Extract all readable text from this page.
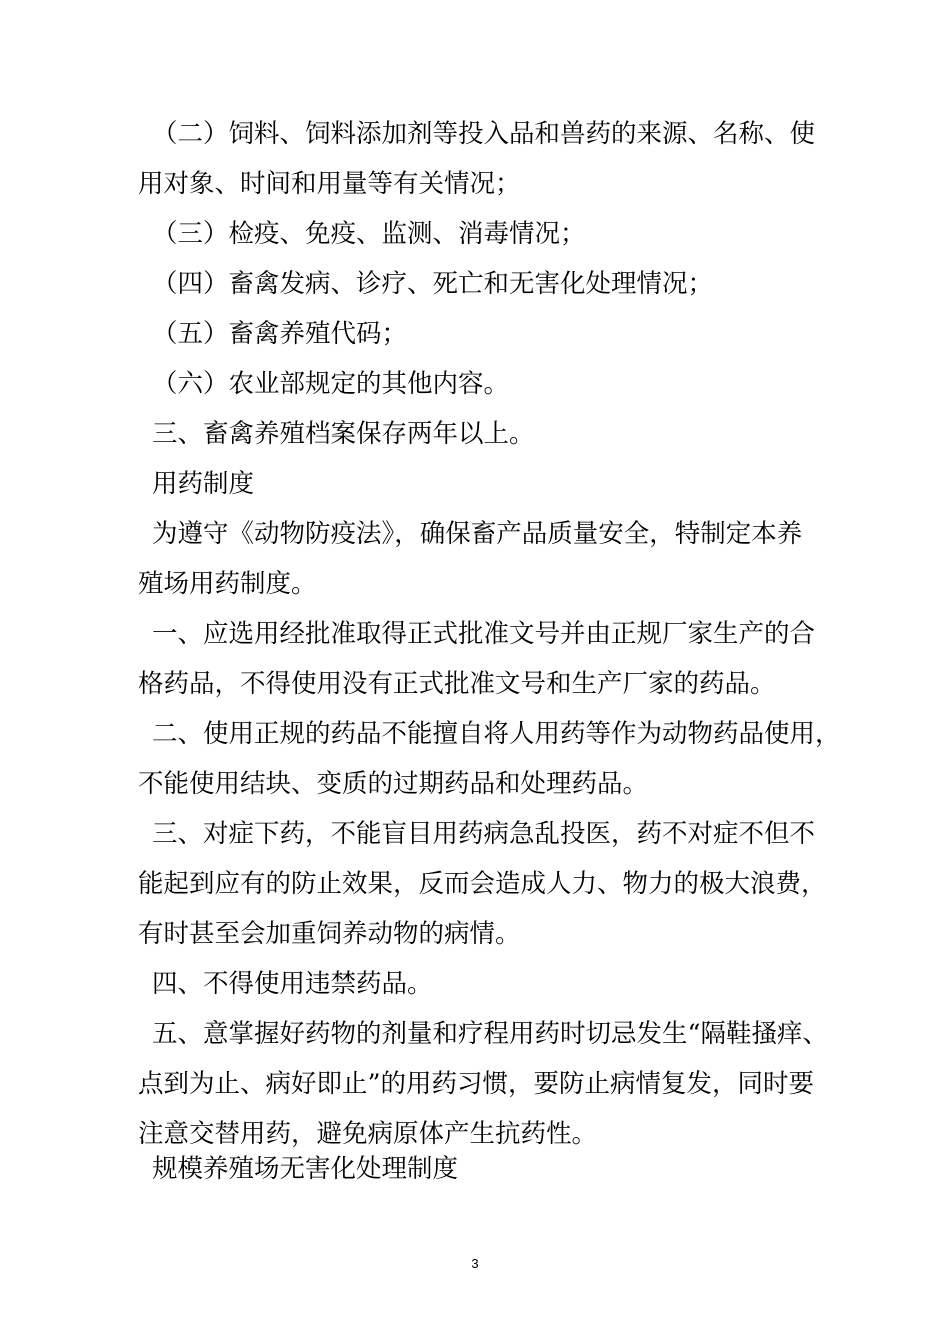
（二）饲料、饲料添加剂等投入品和兽药的来源、名称、使
用对象、时间和用量等有关情况；
（三）检疫、免疫、监测、消毒情况；
（四）畜禽发病、诊疗、死亡和无害化处理情况；
（五）畜禽养殖代码；
（六）农业部规定的其他内容。
三、畜禽养殖档案保存两年以上。
用药制度
为遵守《动物防疫法》，确保畜产品质量安全，特制定本养
殖场用药制度。
一、应选用经批准取得正式批准文号并由正规厂家生产的合
格药品，不得使用没有正式批准文号和生产厂家的药品。
二、使用正规的药品不能擅自将人用药等作为动物药品使用，
不能使用结块、变质的过期药品和处理药品。
三、对症下药，不能盲目用药病急乱投医，药不对症不但不
能起到应有的防止效果，反而会造成人力、物力的极大浪费，
有时甚至会加重饲养动物的病情。
四、不得使用违禁药品。
五、意掌握好药物的剂量和疗程用药时切忌发生“隔鞋搔痒、
点到为止、病好即止”的用药习惯，要防止病情复发，同时要
注意交替用药，避免病原体产生抗药性。
规模养殖场无害化处理制度
3
